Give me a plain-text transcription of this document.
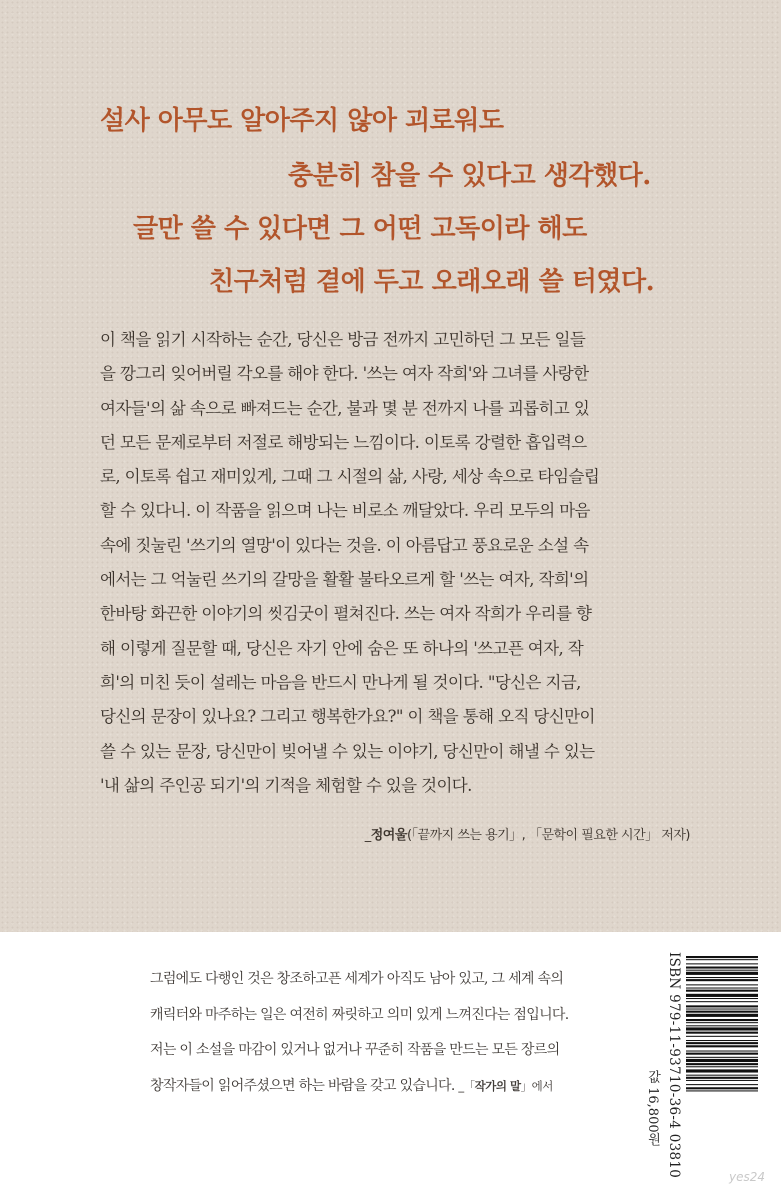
설사 아무도 알아주지 않아 괴로워도
충분히 참을 수 있다고 생각했다.
글만 쓸 수 있다면 그 어떤 고독이라 해도
친구처럼 곁에 두고 오래오래 쓸 터였다.
이 책을 읽기 시작하는 순간, 당신은 방금 전까지 고민하던 그 모든 일들
을 깡그리 잊어버릴 각오를 해야 한다. '쓰는 여자 작희'와 그녀를 사랑한
여자들'의 삶 속으로 빠져드는 순간, 불과 몇 분 전까지 나를 괴롭히고 있
던 모든 문제로부터 저절로 해방되는 느낌이다. 이토록 강렬한 흡입력으
로, 이토록 쉽고 재미있게, 그때 그 시절의 삶, 사랑, 세상 속으로 타임슬립
할 수 있다니. 이 작품을 읽으며 나는 비로소 깨달았다. 우리 모두의 마음
속에 짓눌린 '쓰기의 열망'이 있다는 것을. 이 아름답고 풍요로운 소설 속
에서는 그 억눌린 쓰기의 갈망을 활활 불타오르게 할 '쓰는 여자, 작희'의
한바탕 화끈한 이야기의 씻김굿이 펼쳐진다. 쓰는 여자 작희가 우리를 향
해 이렇게 질문할 때, 당신은 자기 안에 숨은 또 하나의 '쓰고픈 여자, 작
희'의 미친 듯이 설레는 마음을 반드시 만나게 될 것이다. "당신은 지금,
당신의 문장이 있나요? 그리고 행복한가요?" 이 책을 통해 오직 당신만이
쓸 수 있는 문장, 당신만이 빚어낼 수 있는 이야기, 당신만이 해낼 수 있는
'내 삶의 주인공 되기'의 기적을 체험할 수 있을 것이다.
_정여울(「끝까지 쓰는 용기」, 「문학이 필요한 시간」 저자)
그럼에도 다행인 것은 창조하고픈 세계가 아직도 남아 있고, 그 세계 속의
캐릭터와 마주하는 일은 여전히 짜릿하고 의미 있게 느껴진다는 점입니다.
저는 이 소설을 마감이 있거나 없거나 꾸준히 작품을 만드는 모든 장르의
창작자들이 읽어주셨으면 하는 바람을 갖고 있습니다. _「작가의 말」에서	값 16,800원 ISBN 979-11-93710-36-4 03810	yes24
